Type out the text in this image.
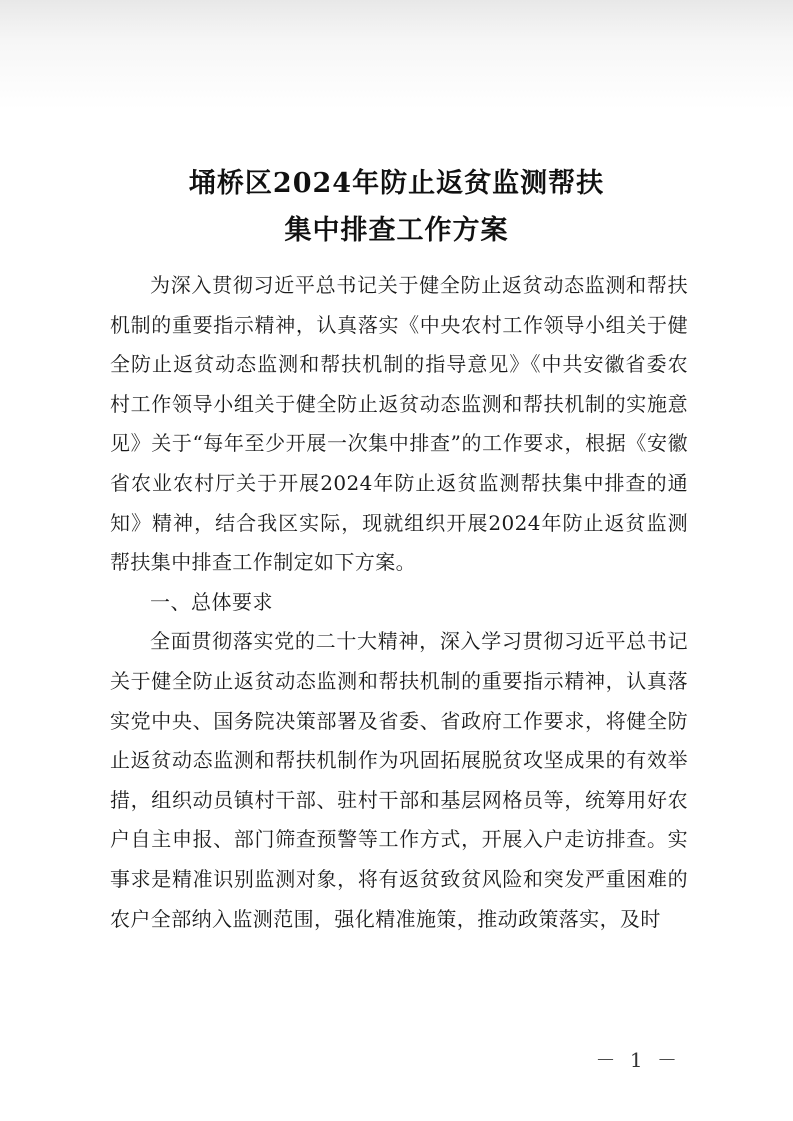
埇桥区2024年防止返贫监测帮扶
集中排查工作方案

为深入贯彻习近平总书记关于健全防止返贫动态监测和帮扶机制的重要指示精神，认真落实《中央农村工作领导小组关于健全防止返贫动态监测和帮扶机制的指导意见》《中共安徽省委农村工作领导小组关于健全防止返贫动态监测和帮扶机制的实施意见》关于“每年至少开展一次集中排查”的工作要求，根据《安徽省农业农村厅关于开展2024年防止返贫监测帮扶集中排查的通知》精神，结合我区实际，现就组织开展2024年防止返贫监测帮扶集中排查工作制定如下方案。

一、总体要求

全面贯彻落实党的二十大精神，深入学习贯彻习近平总书记关于健全防止返贫动态监测和帮扶机制的重要指示精神，认真落实党中央、国务院决策部署及省委、省政府工作要求，将健全防止返贫动态监测和帮扶机制作为巩固拓展脱贫攻坚成果的有效举措，组织动员镇村干部、驻村干部和基层网格员等，统筹用好农户自主申报、部门筛查预警等工作方式，开展入户走访排查。实事求是精准识别监测对象，将有返贫致贫风险和突发严重困难的农户全部纳入监测范围，强化精准施策，推动政策落实，及时

－ 1 －
